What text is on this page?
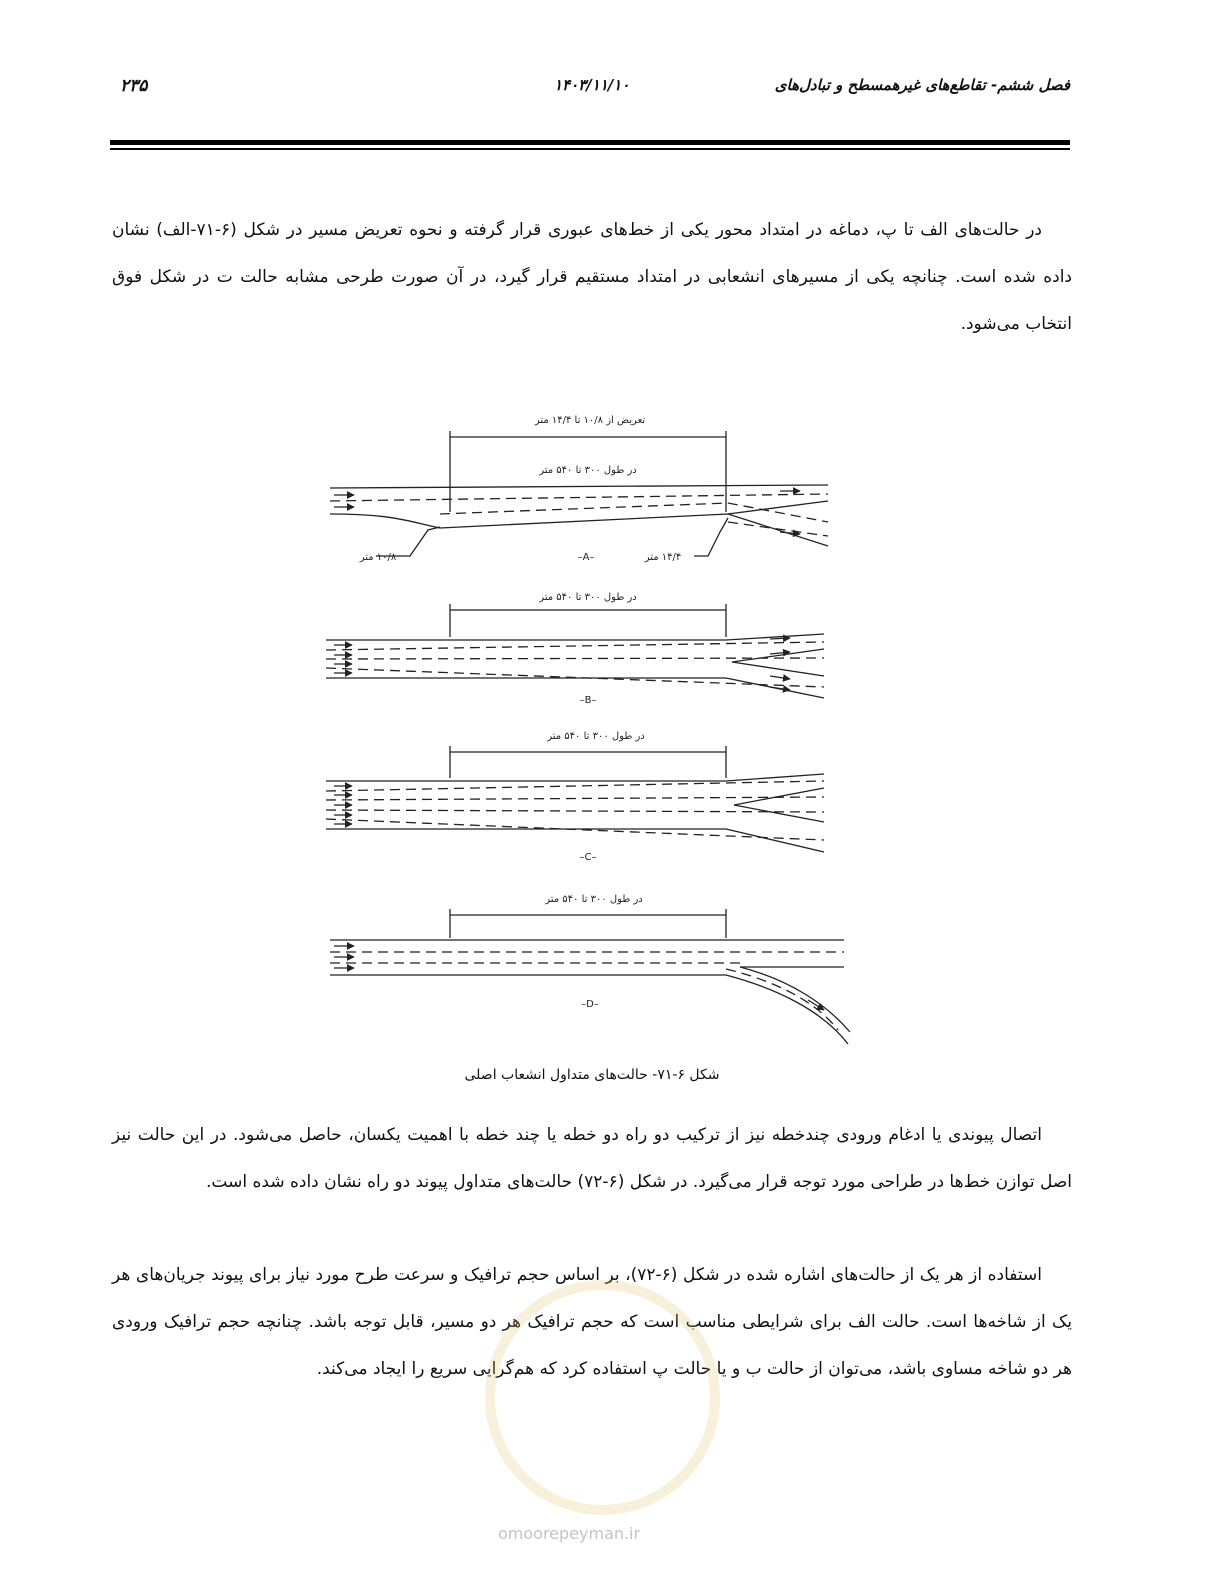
۲۳۵	۱۴۰۳/۱۱/۱۰	فصل ششم- تقاطع‌های غیرهمسطح و تبادل‌های

در حالت‌های الف تا پ، دماغه در امتداد محور یکی از خط‌های عبوری قرار گرفته و نحوه تعریض مسیر در شکل (۶-۷۱-الف) نشان داده شده است. چنانچه یکی از مسیرهای انشعابی در امتداد مستقیم قرار گیرد، در آن صورت طرحی مشابه حالت ت در شکل فوق انتخاب می‌شود.

تعریض از ۱۰/۸ تا ۱۴/۴ متر
در طول ۳۰۰ تا ۵۴۰ متر
۱۰/۸ متر	۱۴/۴ متر
–A–
در طول ۳۰۰ تا ۵۴۰ متر
–B–
در طول ۳۰۰ تا ۵۴۰ متر
–C–
در طول ۳۰۰ تا ۵۴۰ متر
–D–
شکل ۶-۷۱- حالت‌های متداول انشعاب اصلی

اتصال پیوندی یا ادغام ورودی چندخطه نیز از ترکیب دو راه دو خطه یا چند خطه با اهمیت یکسان، حاصل می‌شود. در این حالت نیز اصل توازن خط‌ها در طراحی مورد توجه قرار می‌گیرد. در شکل (۶-۷۲) حالت‌های متداول پیوند دو راه نشان داده شده است.

استفاده از هر یک از حالت‌های اشاره شده در شکل (۶-۷۲)، بر اساس حجم ترافیک و سرعت طرح مورد نیاز برای پیوند جریان‌های هر یک از شاخه‌ها است. حالت الف برای شرایطی مناسب است که حجم ترافیک هر دو مسیر، قابل توجه باشد. چنانچه حجم ترافیک ورودی هر دو شاخه مساوی باشد، می‌توان از حالت ب و یا حالت پ استفاده کرد که هم‌گرایی سریع را ایجاد می‌کند.

omoorepeyman.ir
